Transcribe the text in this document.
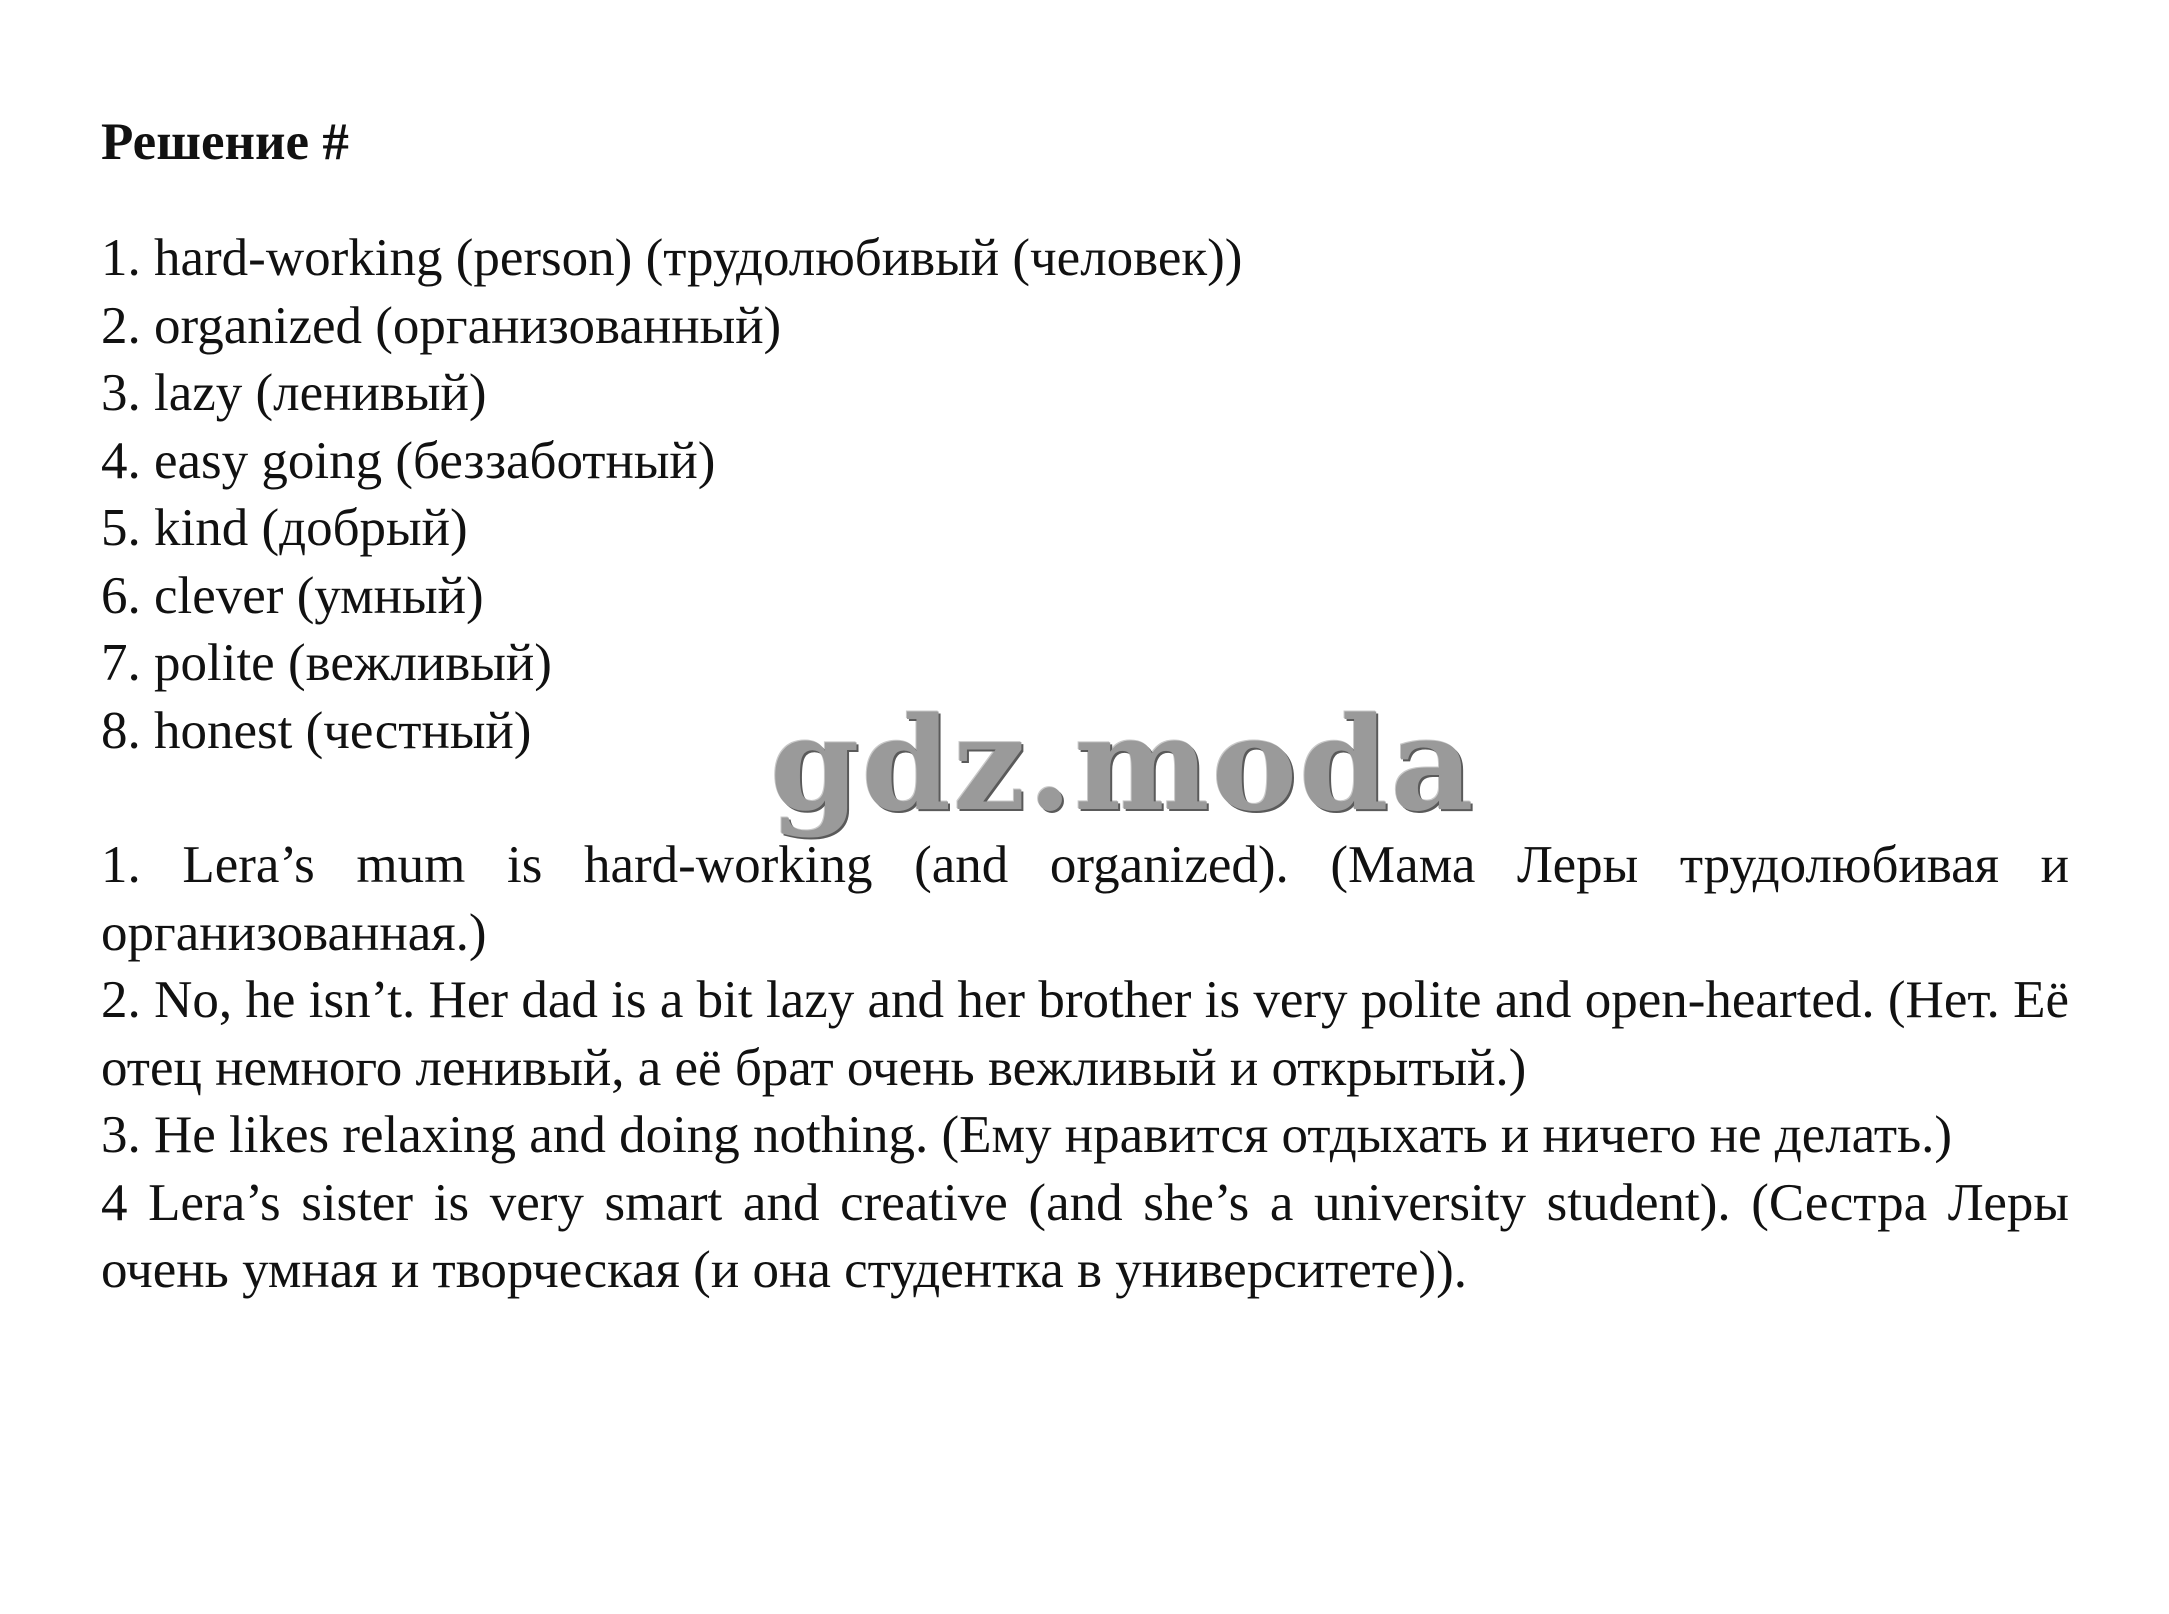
Решение #
1. hard-working (person) (трудолюбивый (человек))
2. organized (организованный)
3. lazy (ленивый)
4. easy going (беззаботный)
5. kind (добрый)
6. clever (умный)
7. polite (вежливый)
8. honest (честный)	gdz.moda

1. Lera’s mum is hard-working (and organized). (Мама Леры трудолюбивая и организованная.)

2. No, he isn’t. Her dad is a bit lazy and her brother is very polite and open-hearted. (Нет. Её отец немного ленивый, а её брат очень вежливый и открытый.)

3. He likes relaxing and doing nothing. (Ему нравится отдыхать и ничего не делать.)

4 Lera’s sister is very smart and creative (and she’s a university student). (Сестра Леры очень умная и творческая (и она студентка в университете)).
